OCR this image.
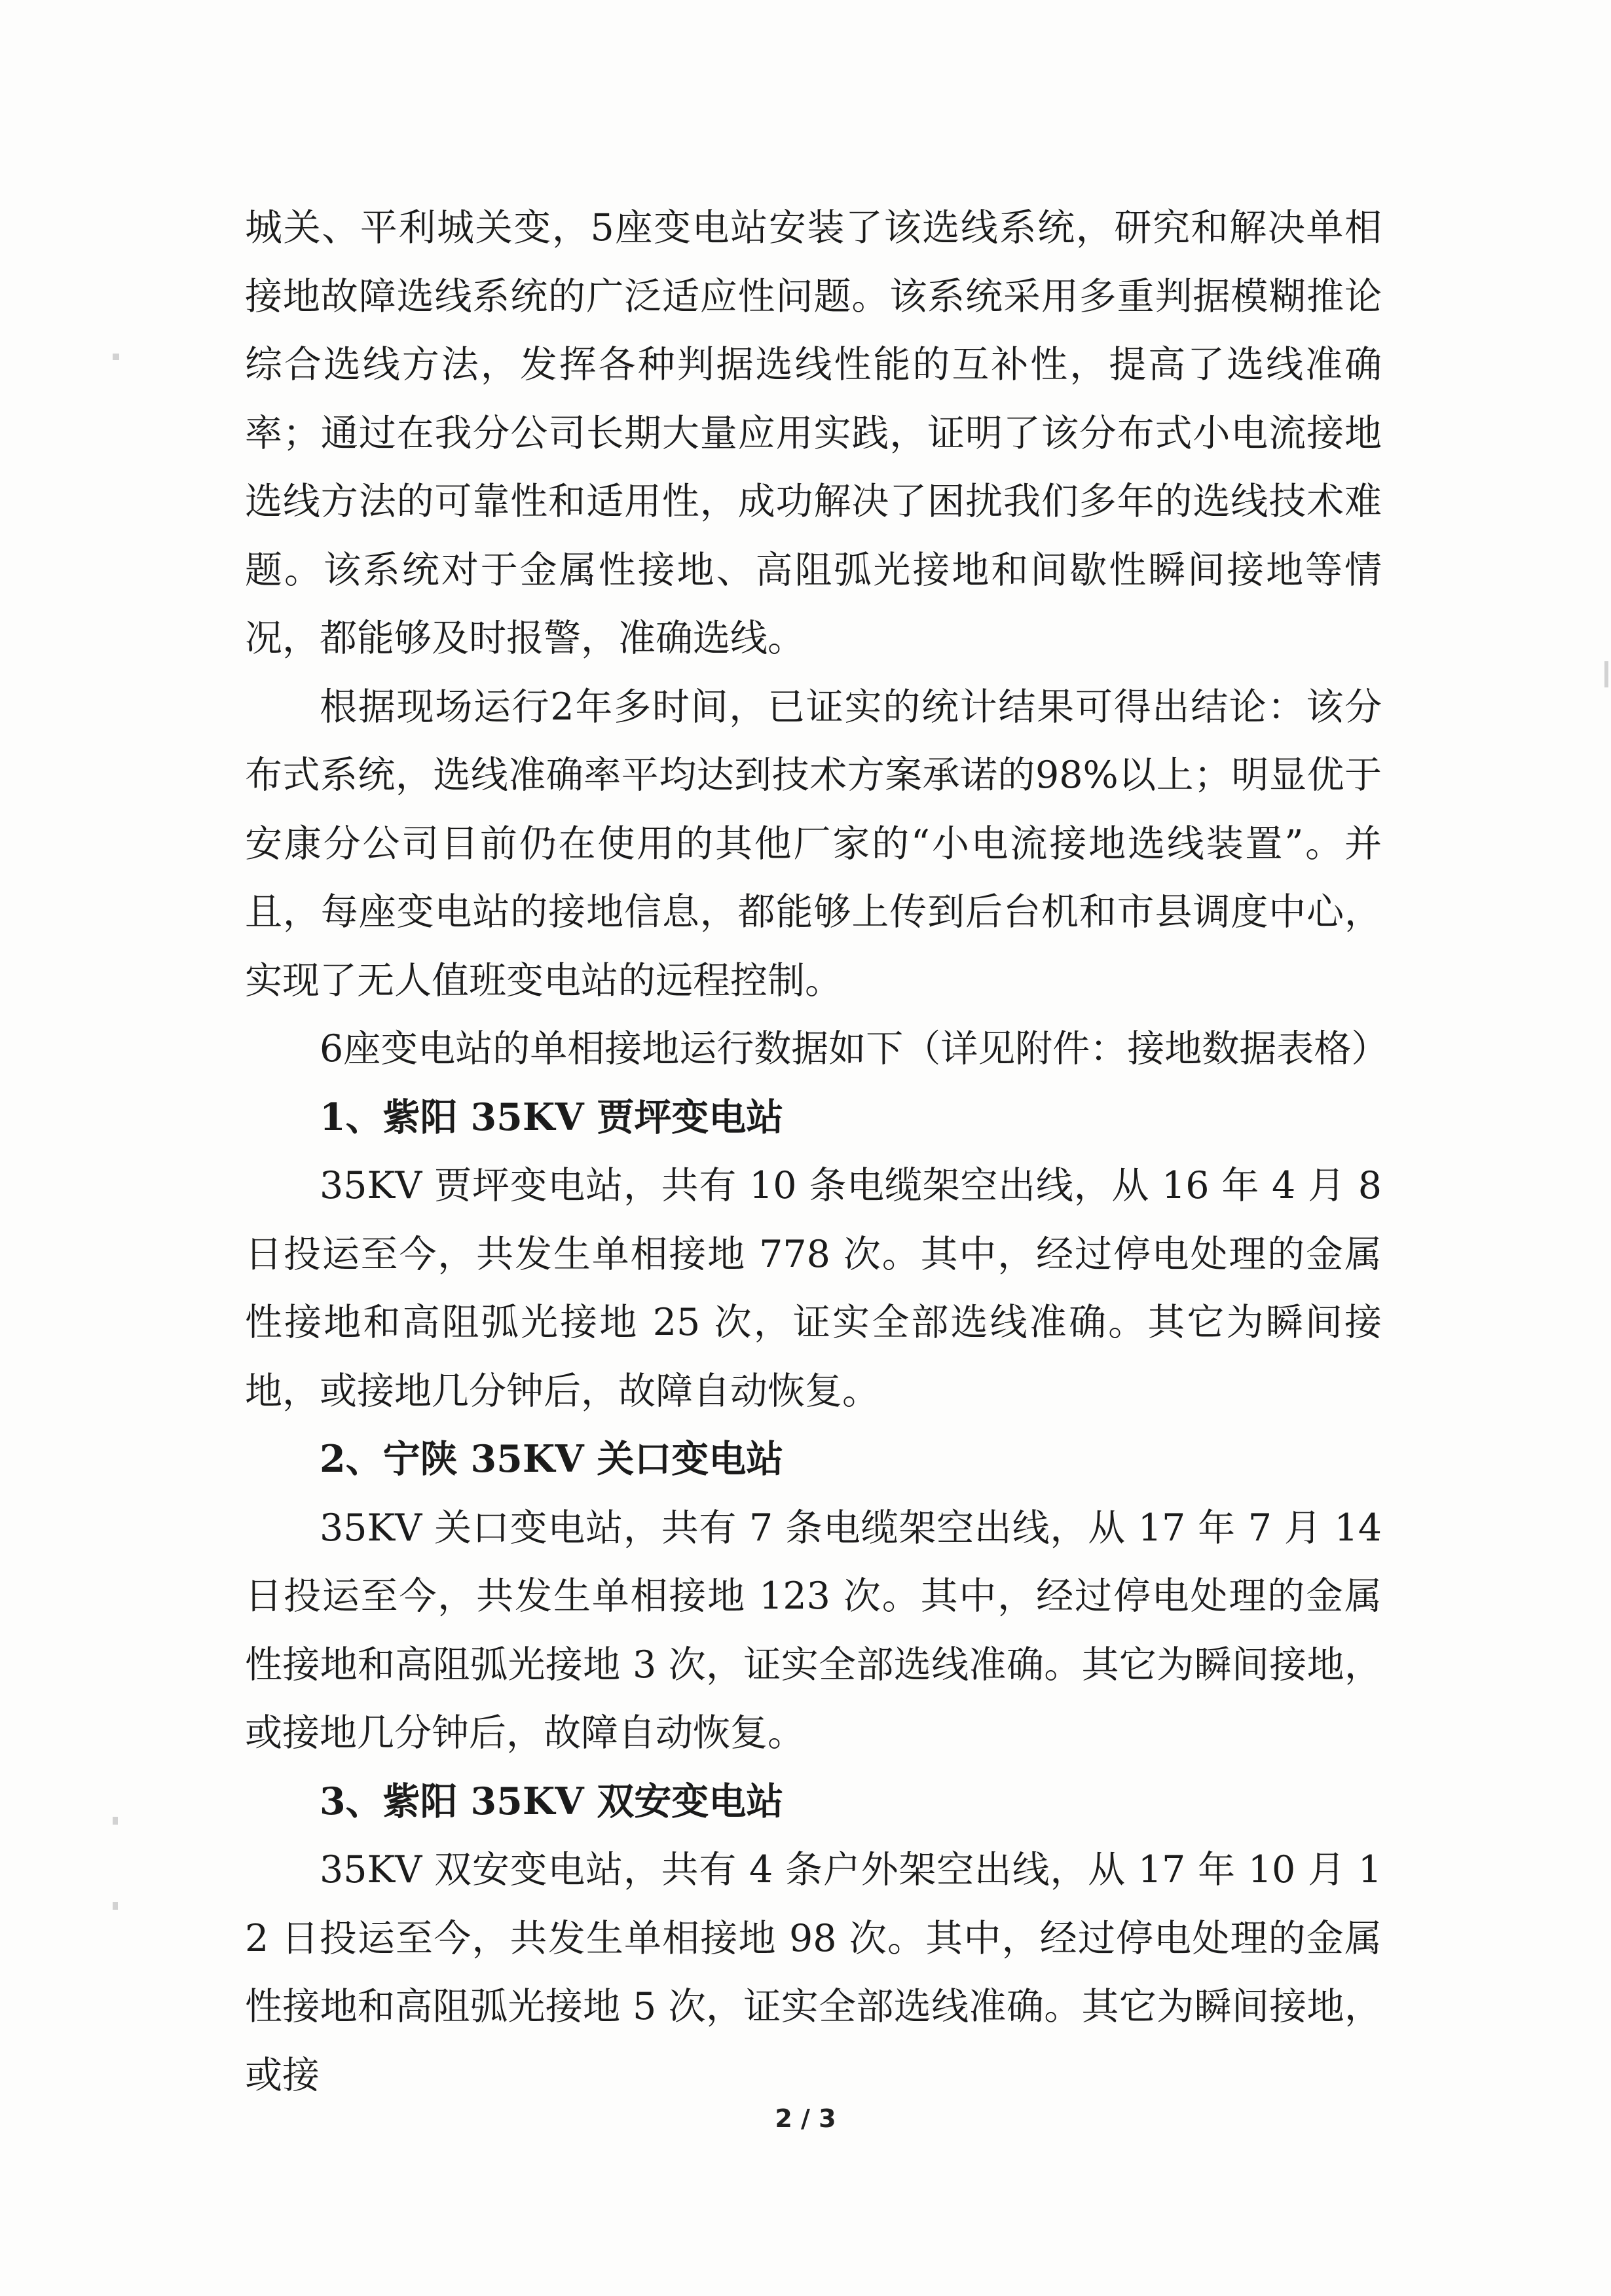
城关、平利城关变，5座变电站安装了该选线系统，研究和解决单相接地故障选线系统的广泛适应性问题。该系统采用多重判据模糊推论综合选线方法，发挥各种判据选线性能的互补性，提高了选线准确率；通过在我分公司长期大量应用实践，证明了该分布式小电流接地选线方法的可靠性和适用性，成功解决了困扰我们多年的选线技术难题。该系统对于金属性接地、高阻弧光接地和间歇性瞬间接地等情况，都能够及时报警，准确选线。

根据现场运行2年多时间，已证实的统计结果可得出结论：该分布式系统，选线准确率平均达到技术方案承诺的98%以上；明显优于安康分公司目前仍在使用的其他厂家的“小电流接地选线装置”。并且，每座变电站的接地信息，都能够上传到后台机和市县调度中心，实现了无人值班变电站的远程控制。

6座变电站的单相接地运行数据如下（详见附件：接地数据表格）

1、紫阳 35KV 贾坪变电站

35KV 贾坪变电站，共有 10 条电缆架空出线，从 16 年 4 月 8 日投运至今，共发生单相接地 778 次。其中，经过停电处理的金属性接地和高阻弧光接地 25 次，证实全部选线准确。其它为瞬间接地，或接地几分钟后，故障自动恢复。

2、宁陕 35KV 关口变电站

35KV 关口变电站，共有 7 条电缆架空出线，从 17 年 7 月 14 日投运至今，共发生单相接地 123 次。其中，经过停电处理的金属性接地和高阻弧光接地 3 次，证实全部选线准确。其它为瞬间接地，或接地几分钟后，故障自动恢复。

3、紫阳 35KV 双安变电站

35KV 双安变电站，共有 4 条户外架空出线，从 17 年 10 月 12 日投运至今，共发生单相接地 98 次。其中，经过停电处理的金属性接地和高阻弧光接地 5 次，证实全部选线准确。其它为瞬间接地，或接

2 / 3
